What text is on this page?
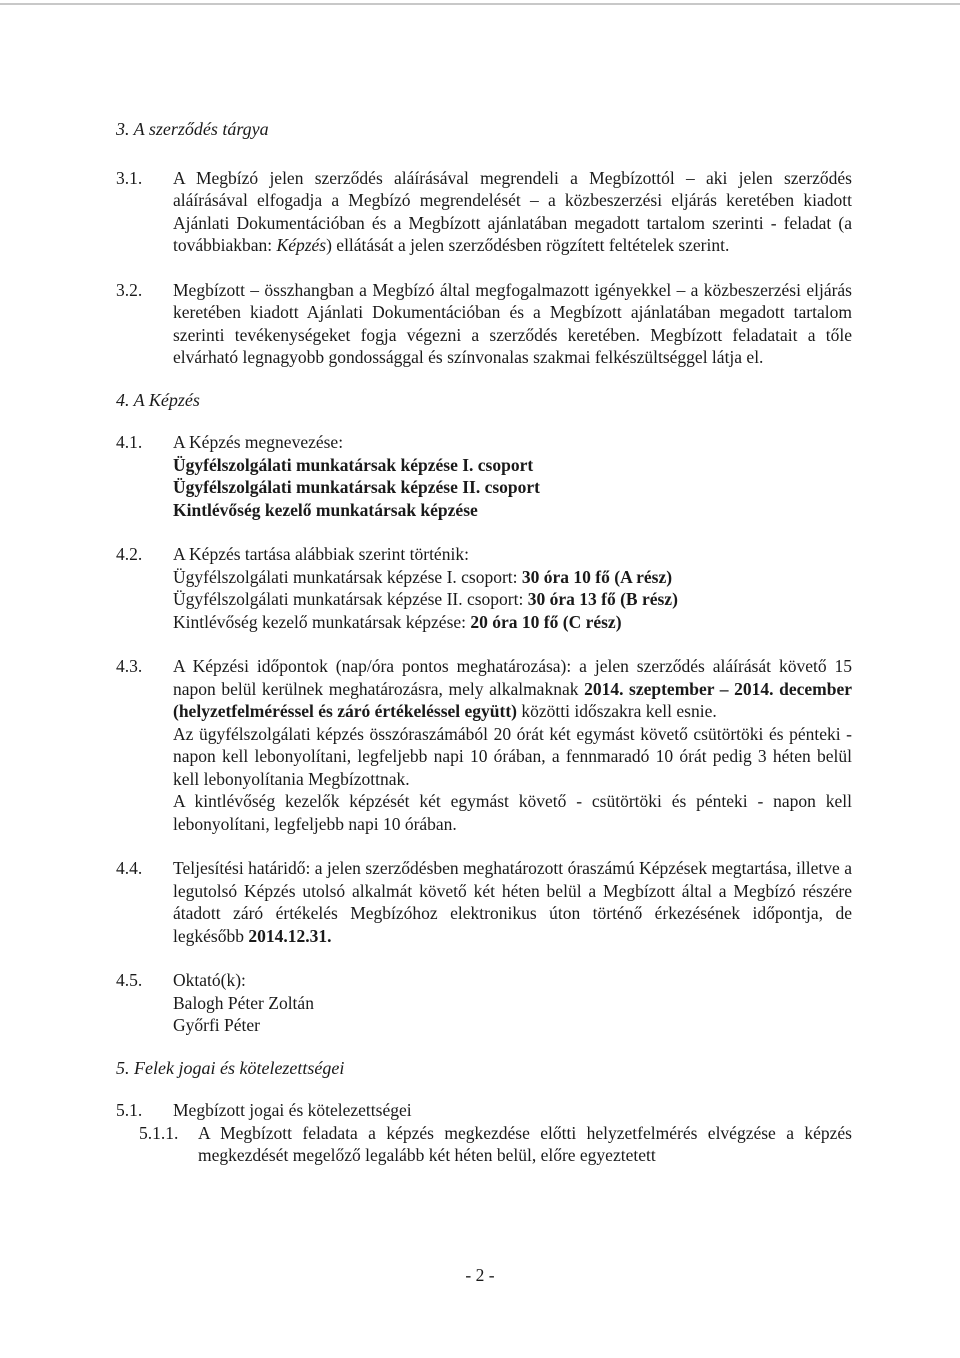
3. A szerződés tárgya
3.1. A Megbízó jelen szerződés aláírásával megrendeli a Megbízottól – aki jelen szerződés aláírásával elfogadja a Megbízó megrendelését – a közbeszerzési eljárás keretében kiadott Ajánlati Dokumentációban és a Megbízott ajánlatában megadott tartalom szerinti - feladat (a továbbiakban: Képzés) ellátását a jelen szerződésben rögzített feltételek szerint.

3.2. Megbízott – összhangban a Megbízó által megfogalmazott igényekkel – a közbeszerzési eljárás keretében kiadott Ajánlati Dokumentációban és a Megbízott ajánlatában megadott tartalom szerinti tevékenységeket fogja végezni a szerződés keretében. Megbízott feladatait a tőle elvárható legnagyobb gondossággal és színvonalas szakmai felkészültséggel látja el.

4. A Képzés
4.1. A Képzés megnevezése:
Ügyfélszolgálati munkatársak képzése I. csoport
Ügyfélszolgálati munkatársak képzése II. csoport
Kintlévőség kezelő munkatársak képzése

4.2. A Képzés tartása alábbiak szerint történik:
Ügyfélszolgálati munkatársak képzése I. csoport: 30 óra 10 fő (A rész)
Ügyfélszolgálati munkatársak képzése II. csoport: 30 óra 13 fő (B rész)
Kintlévőség kezelő munkatársak képzése: 20 óra 10 fő (C rész)

4.3. A Képzési időpontok (nap/óra pontos meghatározása): a jelen szerződés aláírását követő 15 napon belül kerülnek meghatározásra, mely alkalmaknak 2014. szeptember – 2014. december (helyzetfelméréssel és záró értékeléssel együtt) közötti időszakra kell esnie.

Az ügyfélszolgálati képzés összóraszámából 20 órát két egymást követő csütörtöki és pénteki - napon kell lebonyolítani, legfeljebb napi 10 órában, a fennmaradó 10 órát pedig 3 héten belül kell lebonyolítania Megbízottnak.

A kintlévőség kezelők képzését két egymást követő - csütörtöki és pénteki - napon kell lebonyolítani, legfeljebb napi 10 órában.

4.4. Teljesítési határidő: a jelen szerződésben meghatározott óraszámú Képzések megtartása, illetve a legutolsó Képzés utolsó alkalmát követő két héten belül a Megbízott által a Megbízó részére átadott záró értékelés Megbízóhoz elektronikus úton történő érkezésének időpontja, de legkésőbb 2014.12.31.

4.5. Oktató(k):
Balogh Péter Zoltán
Győrfi Péter

5. Felek jogai és kötelezettségei
5.1. Megbízott jogai és kötelezettségei

5.1.1. A Megbízott feladata a képzés megkezdése előtti helyzetfelmérés elvégzése a képzés megkezdését megelőző legalább két héten belül, előre egyeztetett

- 2 -
